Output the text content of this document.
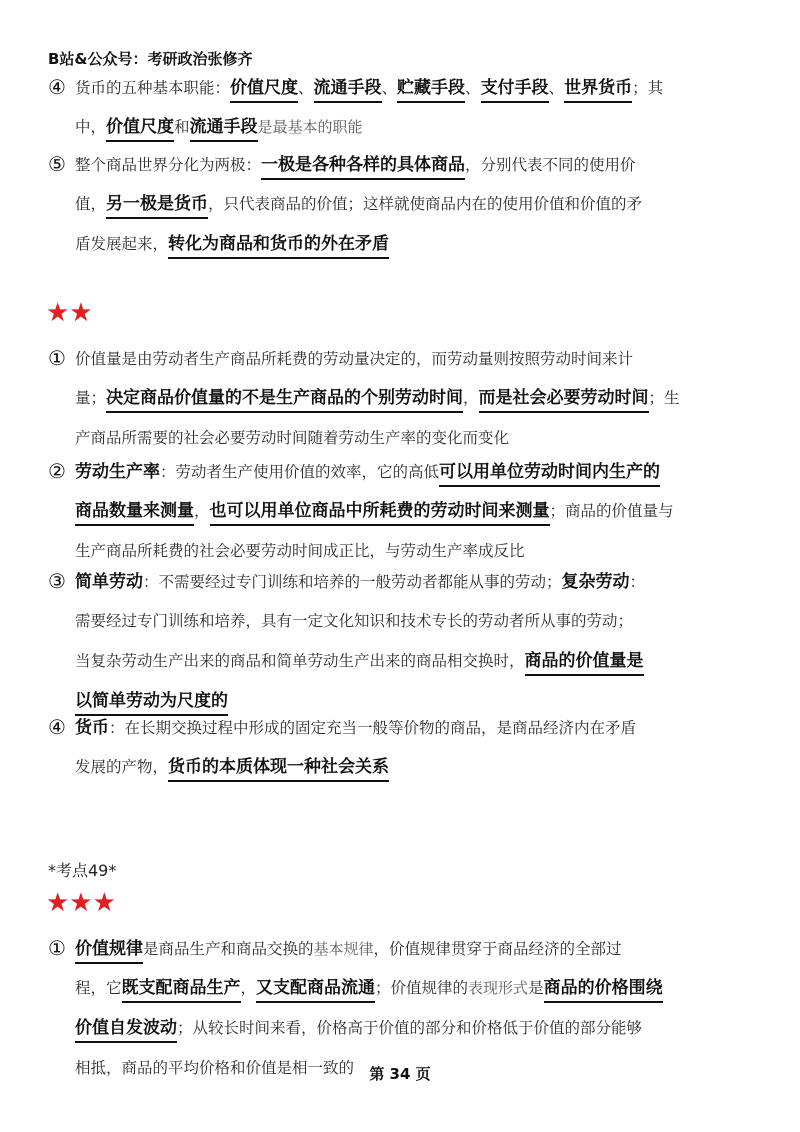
B站&公众号：考研政治张修齐
④ 货币的五种基本职能：价值尺度、流通手段、贮藏手段、支付手段、世界货币；其
中，价值尺度和流通手段是最基本的职能
⑤ 整个商品世界分化为两极：一极是各种各样的具体商品，分别代表不同的使用价
值，另一极是货币，只代表商品的价值；这样就使商品内在的使用价值和价值的矛
盾发展起来，转化为商品和货币的外在矛盾
★★
① 价值量是由劳动者生产商品所耗费的劳动量决定的，而劳动量则按照劳动时间来计
量；决定商品价值量的不是生产商品的个别劳动时间，而是社会必要劳动时间；生
产商品所需要的社会必要劳动时间随着劳动生产率的变化而变化
② 劳动生产率：劳动者生产使用价值的效率，它的高低可以用单位劳动时间内生产的
商品数量来测量，也可以用单位商品中所耗费的劳动时间来测量；商品的价值量与
生产商品所耗费的社会必要劳动时间成正比，与劳动生产率成反比
③ 简单劳动：不需要经过专门训练和培养的一般劳动者都能从事的劳动；复杂劳动：
需要经过专门训练和培养，具有一定文化知识和技术专长的劳动者所从事的劳动；
当复杂劳动生产出来的商品和简单劳动生产出来的商品相交换时，商品的价值量是
以简单劳动为尺度的
④ 货币：在长期交换过程中形成的固定充当一般等价物的商品，是商品经济内在矛盾
发展的产物，货币的本质体现一种社会关系
*考点49*
★★★
① 价值规律是商品生产和商品交换的基本规律，价值规律贯穿于商品经济的全部过
程，它既支配商品生产，又支配商品流通；价值规律的表现形式是商品的价格围绕
价值自发波动；从较长时间来看，价格高于价值的部分和价格低于价值的部分能够
相抵，商品的平均价格和价值是相一致的	第 34 页
